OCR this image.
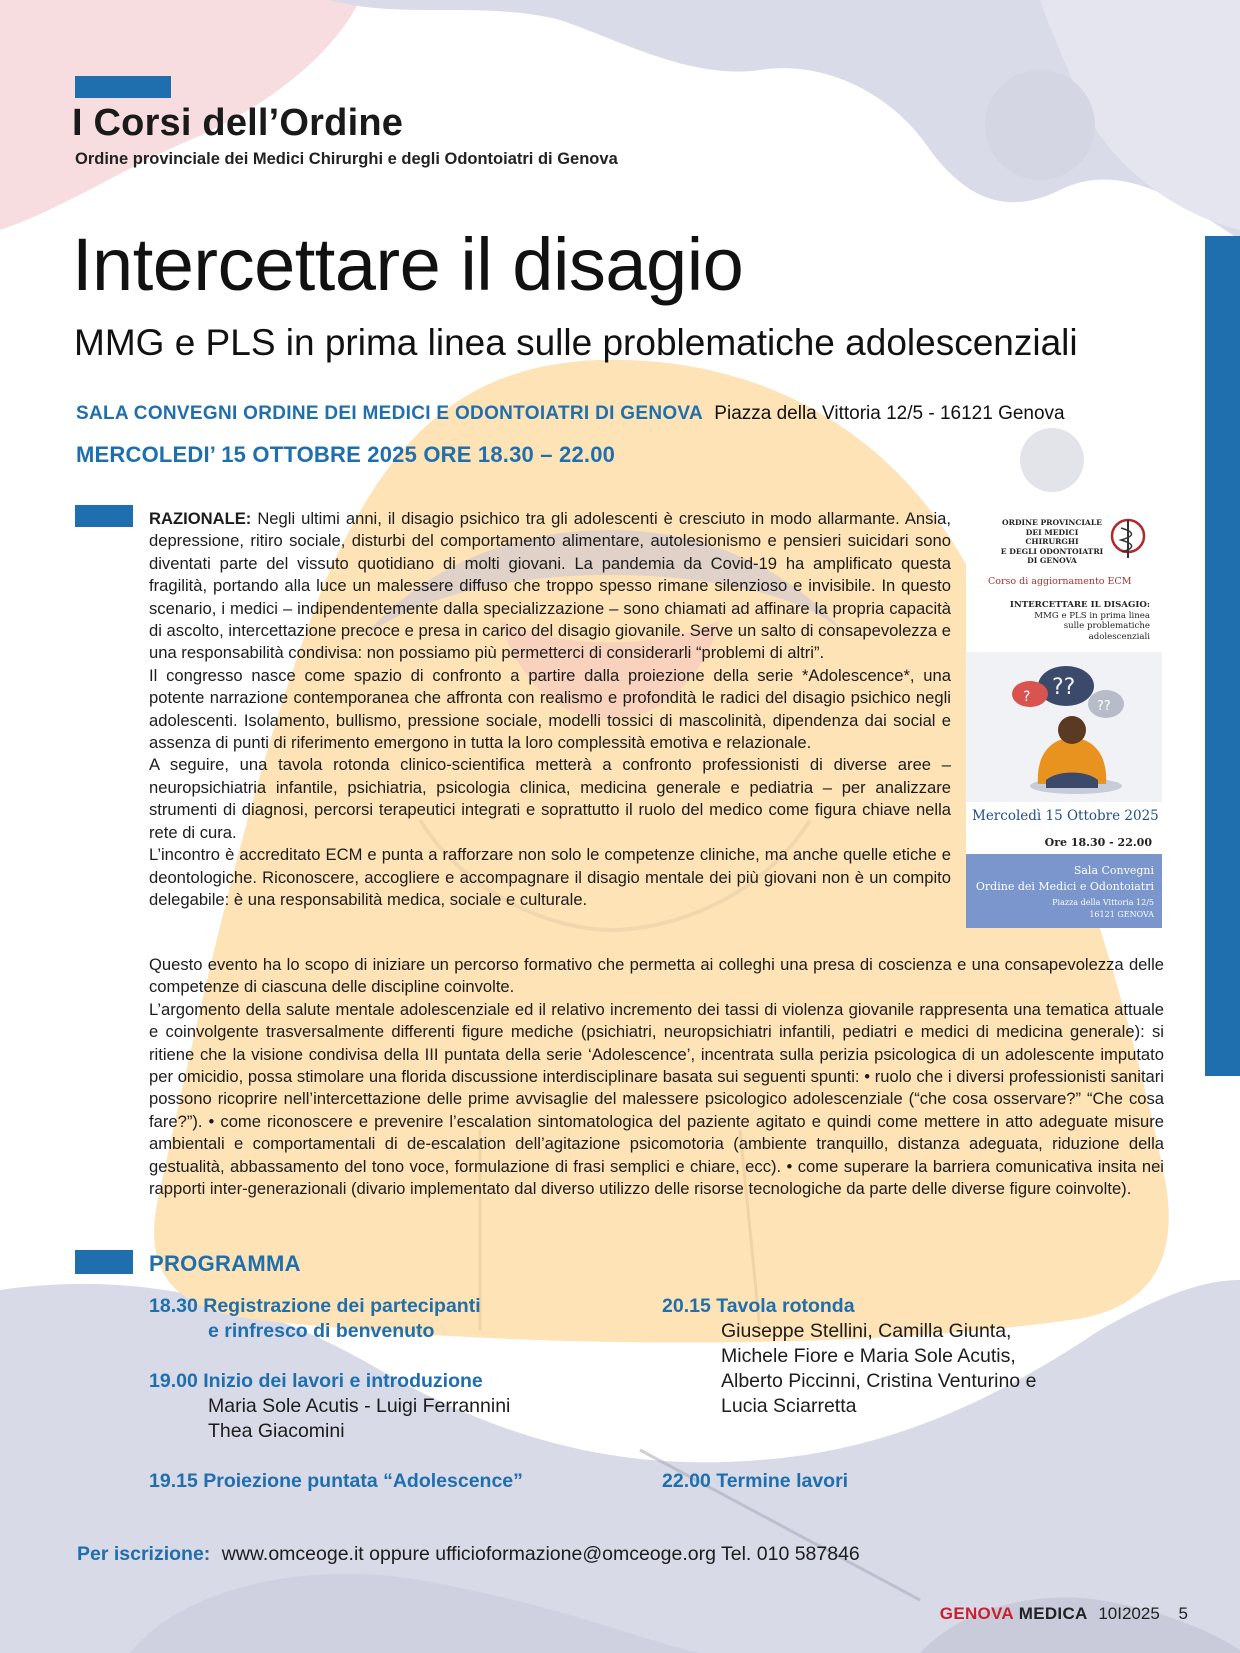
I Corsi dell’Ordine
Ordine provinciale dei Medici Chirurghi e degli Odontoiatri di Genova
Intercettare il disagio
MMG e PLS in prima linea sulle problematiche adolescenziali
SALA CONVEGNI ORDINE DEI MEDICI E ODONTOIATRI DI GENOVA Piazza della Vittoria 12/5 - 16121 Genova
MERCOLEDI’ 15 OTTOBRE 2025 ORE 18.30 – 22.00

RAZIONALE: Negli ultimi anni, il disagio psichico tra gli adolescenti è cresciuto in modo allarmante. Ansia, depressione, ritiro sociale, disturbi del comportamento alimentare, autolesionismo e pensieri suicidari sono diventati parte del vissuto quotidiano di molti giovani. La pandemia da Covid-19 ha amplificato questa fragilità, portando alla luce un malessere diffuso che troppo spesso rimane silenzioso e invisibile. In questo scenario, i medici – indipendentemente dalla specializzazione – sono chiamati ad affinare la propria capacità di ascolto, intercettazione precoce e presa in carico del disagio giovanile. Serve un salto di consapevolezza e una responsabilità condivisa: non possiamo più permetterci di considerarli “problemi di altri”.

Il congresso nasce come spazio di confronto a partire dalla proiezione della serie *Adolescence*, una potente narrazione contemporanea che affronta con realismo e profondità le radici del disagio psichico negli adolescenti. Isolamento, bullismo, pressione sociale, modelli tossici di mascolinità, dipendenza dai social e assenza di punti di riferimento emergono in tutta la loro complessità emotiva e relazionale.

A seguire, una tavola rotonda clinico-scientifica metterà a confronto professionisti di diverse aree – neuropsichiatria infantile, psichiatria, psicologia clinica, medicina generale e pediatria – per analizzare strumenti di diagnosi, percorsi terapeutici integrati e soprattutto il ruolo del medico come figura chiave nella rete di cura.

L’incontro è accreditato ECM e punta a rafforzare non solo le competenze cliniche, ma anche quelle etiche e deontologiche. Riconoscere, accogliere e accompagnare il disagio mentale dei più giovani non è un compito delegabile: è una responsabilità medica, sociale e culturale.

Questo evento ha lo scopo di iniziare un percorso formativo che permetta ai colleghi una presa di coscienza e una consapevolezza delle competenze di ciascuna delle discipline coinvolte.

L’argomento della salute mentale adolescenziale ed il relativo incremento dei tassi di violenza giovanile rappresenta una tematica attuale e coinvolgente trasversalmente differenti figure mediche (psichiatri, neuropsichiatri infantili, pediatri e medici di medicina generale): si ritiene che la visione condivisa della III puntata della serie ‘Adolescence’, incentrata sulla perizia psicologica di un adolescente imputato per omicidio, possa stimolare una florida discussione interdisciplinare basata sui seguenti spunti: • ruolo che i diversi professionisti sanitari possono ricoprire nell’intercettazione delle prime avvisaglie del malessere psicologico adolescenziale (“che cosa osservare?” “Che cosa fare?”). • come riconoscere e prevenire l’escalation sintomatologica del paziente agitato e quindi come mettere in atto adeguate misure ambientali e comportamentali di de-escalation dell’agitazione psicomotoria (ambiente tranquillo, distanza adeguata, riduzione della gestualità, abbassamento del tono voce, formulazione di frasi semplici e chiare, ecc). • come superare la barriera comunicativa insita nei rapporti inter-generazionali (divario implementato dal diverso utilizzo delle risorse tecnologiche da parte delle diverse figure coinvolte).

ORDINE PROVINCIALE
DEI MEDICI CHIRURGHI
E DEGLI ODONTOIATRI
DI GENOVA
Corso di aggiornamento ECM
INTERCETTARE IL DISAGIO:
MMG e PLS in prima linea
sulle problematiche
adolescenziali
??
?
??
Mercoledì 15 Ottobre 2025
Ore 18.30 - 22.00
Sala Convegni
Ordine dei Medici e Odontoiatri
Piazza della Vittoria 12/5
16121 GENOVA
PROGRAMMA
18.30 Registrazione dei partecipanti
e rinfresco di benvenuto
19.00 Inizio dei lavori e introduzione
Maria Sole Acutis - Luigi Ferrannini
Thea Giacomini
19.15 Proiezione puntata “Adolescence”
20.15 Tavola rotonda
Giuseppe Stellini, Camilla Giunta,
Michele Fiore e Maria Sole Acutis,
Alberto Piccinni, Cristina Venturino e
Lucia Sciarretta
22.00 Termine lavori
Per iscrizione: www.omceoge.it oppure ufficioformazione@omceoge.org Tel. 010 587846
GENOVA MEDICA 10I2025 5
